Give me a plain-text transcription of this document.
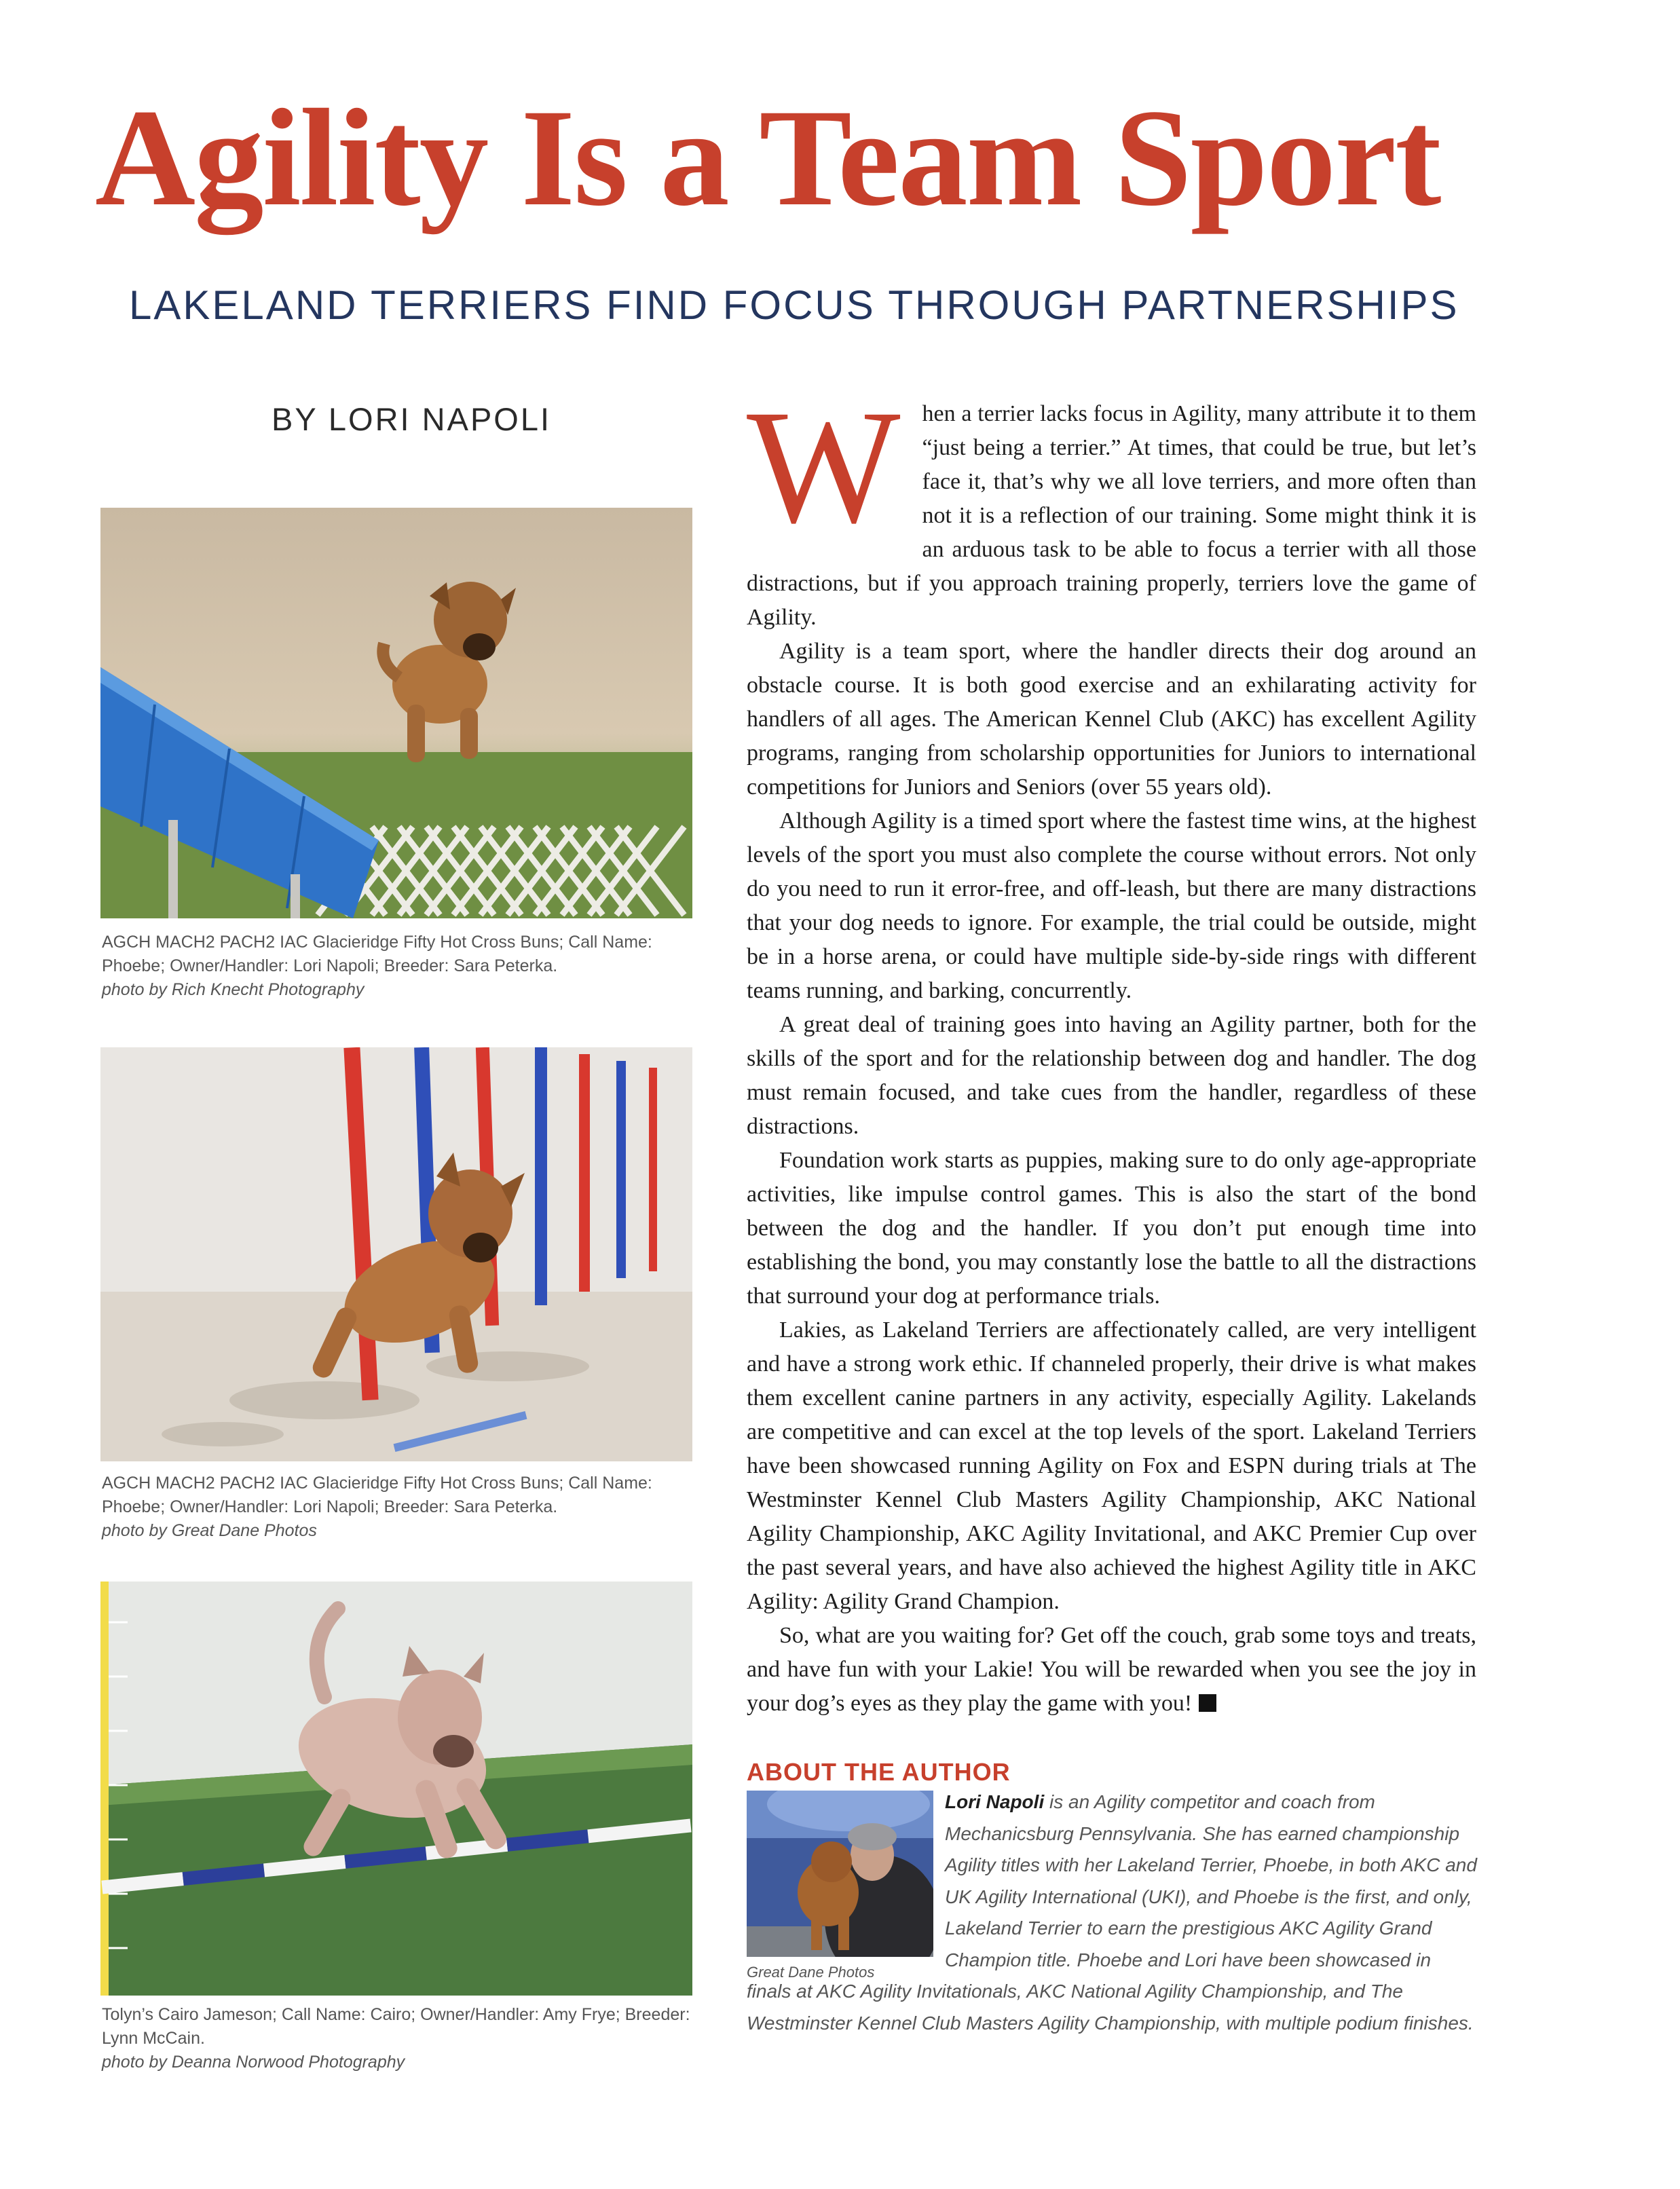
Agility Is a Team Sport
LAKELAND TERRIERS FIND FOCUS THROUGH PARTNERSHIPS
BY LORI NAPOLI

AGCH MACH2 PACH2 IAC Glacieridge Fifty Hot Cross Buns; Call Name: Phoebe; Owner/Handler: Lori Napoli; Breeder: Sara Peterka.
photo by Rich Knecht Photography

AGCH MACH2 PACH2 IAC Glacieridge Fifty Hot Cross Buns; Call Name: Phoebe; Owner/Handler: Lori Napoli; Breeder: Sara Peterka.
photo by Great Dane Photos

Tolyn’s Cairo Jameson; Call Name: Cairo; Owner/Handler: Amy Frye; Breeder: Lynn McCain.
photo by Deanna Norwood Photography

When a terrier lacks focus in Agility, many attribute it to them “just being a terrier.” At times, that could be true, but let’s face it, that’s why we all love terriers, and more often than not it is a reflection of our training. Some might think it is an arduous task to be able to focus a terrier with all those distractions, but if you approach training properly, terriers love the game of Agility.

Agility is a team sport, where the handler directs their dog around an obstacle course. It is both good exercise and an exhilarating activity for handlers of all ages. The American Kennel Club (AKC) has excellent Agility programs, ranging from scholarship opportunities for Juniors to international competitions for Juniors and Seniors (over 55 years old).

Although Agility is a timed sport where the fastest time wins, at the highest levels of the sport you must also complete the course without errors. Not only do you need to run it error-free, and off-leash, but there are many distractions that your dog needs to ignore. For example, the trial could be outside, might be in a horse arena, or could have multiple side-by-side rings with different teams running, and barking, concurrently.

A great deal of training goes into having an Agility partner, both for the skills of the sport and for the relationship between dog and handler. The dog must remain focused, and take cues from the handler, regardless of these distractions.

Foundation work starts as puppies, making sure to do only age-appropriate activities, like impulse control games. This is also the start of the bond between the dog and the handler. If you don’t put enough time into establishing the bond, you may constantly lose the battle to all the distractions that surround your dog at performance trials.

Lakies, as Lakeland Terriers are affectionately called, are very intelligent and have a strong work ethic. If channeled properly, their drive is what makes them excellent canine partners in any activity, especially Agility. Lakelands are competitive and can excel at the top levels of the sport. Lakeland Terriers have been showcased running Agility on Fox and ESPN during trials at The Westminster Kennel Club Masters Agility Championship, AKC National Agility Championship, AKC Agility Invitational, and AKC Premier Cup over the past several years, and have also achieved the highest Agility title in AKC Agility: Agility Grand Champion.

So, what are you waiting for? Get off the couch, grab some toys and treats, and have fun with your Lakie! You will be rewarded when you see the joy in your dog’s eyes as they play the game with you!

ABOUT THE AUTHOR

Great Dane Photos

Lori Napoli is an Agility competitor and coach from Mechanicsburg Pennsylvania. She has earned championship Agility titles with her Lakeland Terrier, Phoebe, in both AKC and UK Agility International (UKI), and Phoebe is the first, and only, Lakeland Terrier to earn the prestigious AKC Agility Grand Champion title. Phoebe and Lori have been showcased in finals at AKC Agility Invitationals, AKC National Agility Championship, and The Westminster Kennel Club Masters Agility Championship, with multiple podium finishes.
